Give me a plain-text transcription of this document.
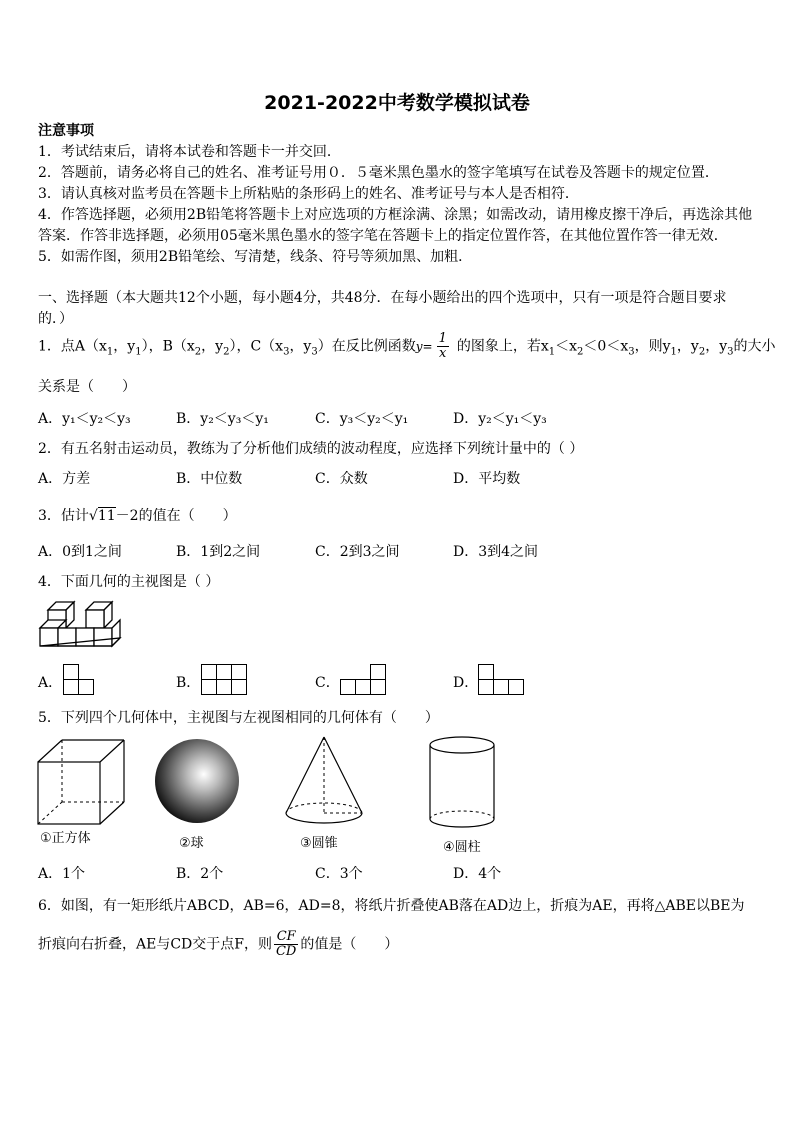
2021-2022中考数学模拟试卷
注意事项
1．考试结束后，请将本试卷和答题卡一并交回．
2．答题前，请务必将自己的姓名、准考证号用０．５毫米黑色墨水的签字笔填写在试卷及答题卡的规定位置．
3．请认真核对监考员在答题卡上所粘贴的条形码上的姓名、准考证号与本人是否相符．
4．作答选择题，必须用2B铅笔将答题卡上对应选项的方框涂满、涂黑；如需改动，请用橡皮擦干净后，再选涂其他
答案．作答非选择题，必须用05毫米黑色墨水的签字笔在答题卡上的指定位置作答，在其他位置作答一律无效．
5．如需作图，须用2B铅笔绘、写清楚，线条、符号等须加黑、加粗．
一、选择题（本大题共12个小题，每小题4分，共48分．在每小题给出的四个选项中，只有一项是符合题目要求
的．）
1．点$A(x_1$，$y_1$），$B(x_2$，$y_2$），$C(x_3$，$y_3$）在反比例函数$y= \frac{1}{x}$ 的图象上，若$x_1<x_2<0<x_3$，则$y_1$，$y_2$，$y_3$的大小
关系是（　　）
A．y₁＜y₂＜y₃	B．y₂＜y₃＜y₁	C．y₃＜y₂＜y₁	D．y₂＜y₁＜y₃
2．有五名射击运动员，教练为了分析他们成绩的波动程度，应选择下列统计量中的（ ）
A．方差	B．中位数	C．众数	D．平均数
3．估计√11－2的值在（　　）
A．0到1之间	B．1到2之间	C．2到3之间	D．3到4之间
4．下面几何的主视图是（ ）
A．	B．	C．	D．
5．下列四个几何体中，主视图与左视图相同的几何体有（　　）
①正方体	②球	③圆锥	④圆柱
A．1个	B．2个	C．3个	D．4个
6．如图，有一矩形纸片ABCD，AB=6，AD=8，将纸片折叠使AB落在AD边上，折痕为AE，再将△ABE以BE为
折痕向右折叠，AE与CD交于点F，则 $\frac{CF}{CD}$ 的值是（　　）
